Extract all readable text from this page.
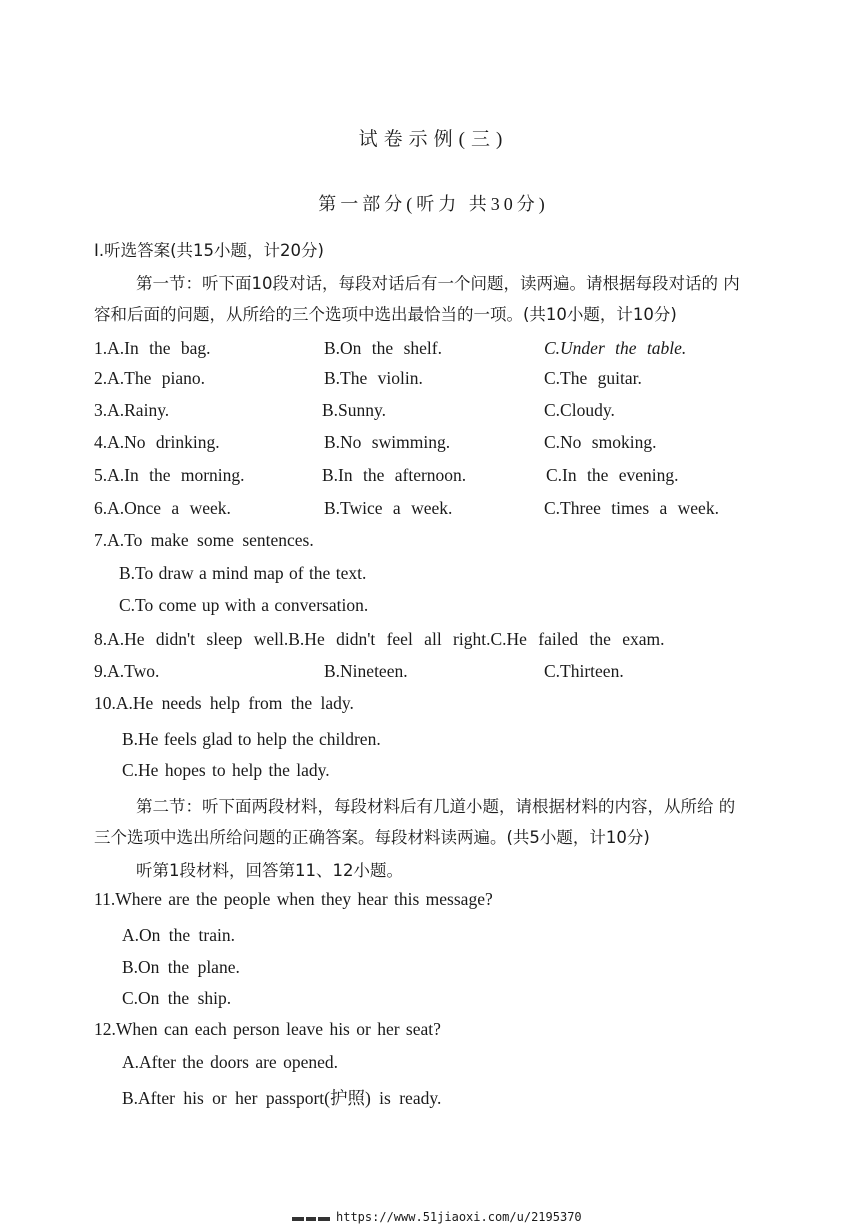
试卷示例(三)
第一部分(听力 共30分)
I.听选答案(共15小题，计20分)
第一节：听下面10段对话，每段对话后有一个问题，读两遍。请根据每段对话的 内
容和后面的问题，从所给的三个选项中选出最恰当的一项。(共10小题，计10分)
1.A.In the bag.	B.On the shelf.	C.Under the table.
2.A.The piano.	B.The violin.	C.The guitar.
3.A.Rainy.	B.Sunny.	C.Cloudy.
4.A.No drinking.	B.No swimming.	C.No smoking.
5.A.In the morning.	B.In the afternoon.	C.In the evening.
6.A.Once a week.	B.Twice a week.	C.Three times a week.
7.A.To make some sentences.
B.To draw a mind map of the text.
C.To come up with a conversation.
8.A.He didn't sleep well.B.He didn't feel all right.C.He failed the exam.
9.A.Two.	B.Nineteen.	C.Thirteen.
10.A.He needs help from the lady.
B.He feels glad to help the children.
C.He hopes to help the lady.
第二节：听下面两段材料，每段材料后有几道小题，请根据材料的内容，从所给 的
三个选项中选出所给问题的正确答案。每段材料读两遍。(共5小题，计10分)
听第1段材料，回答第11、12小题。
11.Where are the people when they hear this message?
A.On the train.
B.On the plane.
C.On the ship.
12.When can each person leave his or her seat?
A.After the doors are opened.
B.After his or her passport(护照) is ready.
https://www.51jiaoxi.com/u/2195370
